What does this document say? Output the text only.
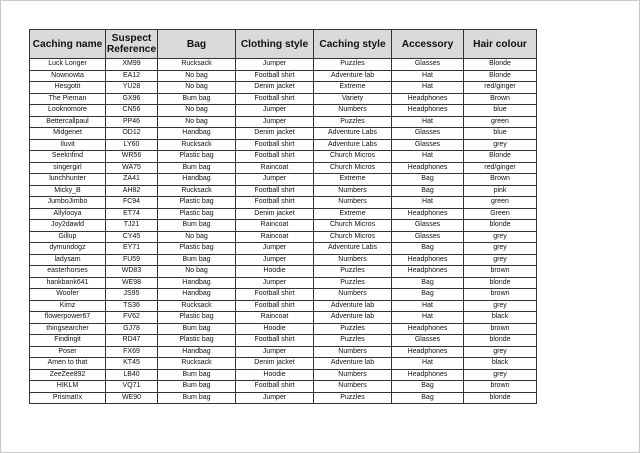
Caching name	Suspect Reference	Bag	Clothing style	Caching style	Accessory	Hair colour
Luck Longer	XM99	Rucksack	Jumper	Puzzles	Glasses	Blonde
Nownowta	EA12	No bag	Football shirt	Adventure lab	Hat	Blonde
Hesgotit	YU28	No bag	Denim jacket	Extreme	Hat	red/ginger
The Pieman	GX96	Bum bag	Football shirt	Variety	Headphones	Brown
Looknomore	CN56	No bag	Jumper	Numbers	Headphones	blue
Bettercallpaul	PP46	No bag	Jumper	Puzzles	Hat	green
Midgenet	OD12	Handbag	Denim jacket	Adventure Labs	Glasses	blue
Iluvit	LY60	Rucksack	Football shirt	Adventure Labs	Glasses	grey
Seeknfind	WR56	Plastic bag	Football shirt	Church Micros	Hat	Blonde
singergirl	WA75	Bum bag	Raincoat	Church Micros	Headphones	red/ginger
lunchhunter	ZA41	Handbag	Jumper	Extreme	Bag	Brown
Micky_B	AH82	Rucksack	Football shirt	Numbers	Bag	pink
JumboJimbo	FC94	Plastic bag	Football shirt	Numbers	Hat	green
Allylooya	ET74	Plastic bag	Denim jacket	Extreme	Headphones	Green
Joy2dawld	TJ21	Bum bag	Raincoat	Church Micros	Glasses	blonde
Gillup	CY45	No bag	Raincoat	Church Micros	Glasses	grey
dymundogz	EY71	Plastic bag	Jumper	Adventure Labs	Bag	grey
ladysam	FU59	Bum bag	Jumper	Numbers	Headphones	grey
easterhorses	WD83	No bag	Hoodie	Puzzles	Headphones	brown
hankbank641	WE98	Handbag	Jumper	Puzzles	Bag	blonde
Woofer	JS95	Handbag	Football shirt	Numbers	Bag	brown
Kimz	TS36	Rucksack	Football shirt	Adventure lab	Hat	grey
flowerpower67	FV62	Plastic bag	Raincoat	Adventure lab	Hat	black
thingsearcher	GJ78	Bum bag	Hoodie	Puzzles	Headphones	brown
Findingit	RD47	Plastic bag	Football shirt	Puzzles	Glasses	blonde
Poser	FX69	Handbag	Jumper	Numbers	Headphones	grey
Amen to that	KT45	Rucksack	Denim jacket	Adventure lab	Hat	black
ZeeZee892	LB40	Bum bag	Hoodie	Numbers	Headphones	grey
HIKLM	VQ71	Bum bag	Football shirt	Numbers	Bag	brown
Prismat!x	WE90	Bum bag	Jumper	Puzzles	Bag	blonde
